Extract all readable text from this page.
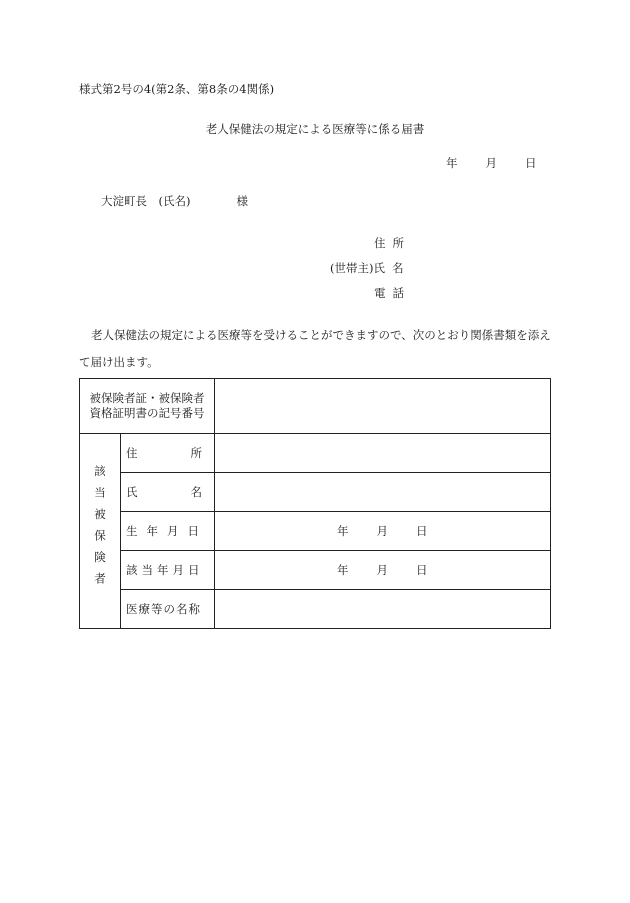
様式第2号の4(第2条、第8条の4関係)
老人保健法の規定による医療等に係る届書
年 月 日
大淀町長　(氏名)	様
住所
(世帯主) 氏名
電話
老人保健法の規定による医療等を受けることができますので、次のとおり関係書類を添えて届け出ます。
被保険者証・被保険者
資格証明書の記号番号		

該当被保険者	住 所	

	氏 名	

	生年月日	年 月 日
	該当年月日	年 月 日
	医療等の名称	
